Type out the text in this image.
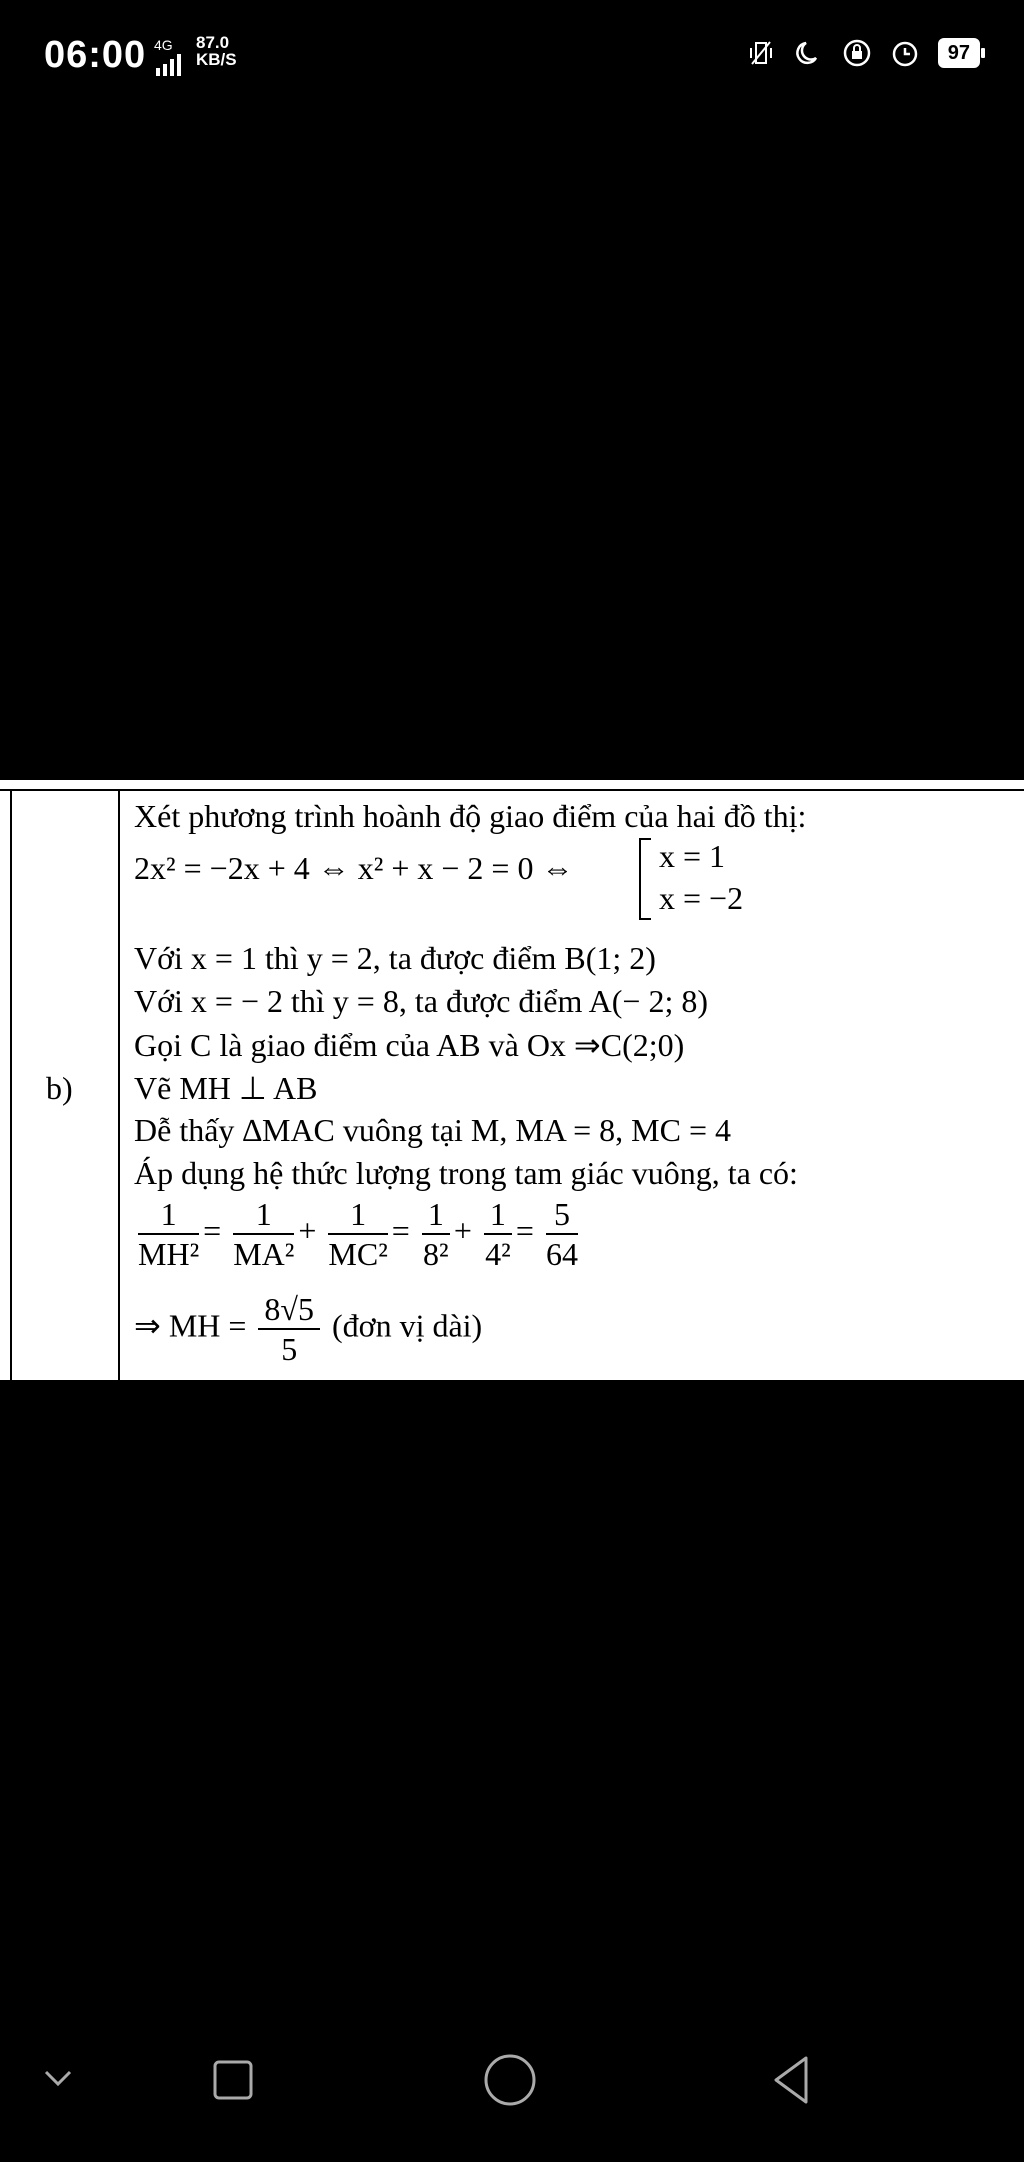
06:00 4G	87.0
KB/S	97
b)
Xét phương trình hoành độ giao điểm của hai đồ thị:
2x² = −2x + 4 ⇔ x² + x − 2 = 0 ⇔	x = 1
x = −2
Với x = 1 thì y = 2, ta được điểm B(1; 2)
Với x = − 2 thì y = 8, ta được điểm A(− 2; 8)
Gọi C là giao điểm của AB và Ox ⇒C(2;0)
Vẽ MH ⊥ AB
Dễ thấy ∆MAC vuông tại M, MA = 8, MC = 4
Áp dụng hệ thức lượng trong tam giác vuông, ta có:
$\frac{1}{\text{MH²}} = \frac{1}{\text{MA²}} + \frac{1}{\text{MC²}} = \frac{1}{\text{8²}} + \frac{1}{\text{4²}} = \frac{5}{64}$
⇒ MH = $\frac{8√5}{5}$ (đơn vị dài)
